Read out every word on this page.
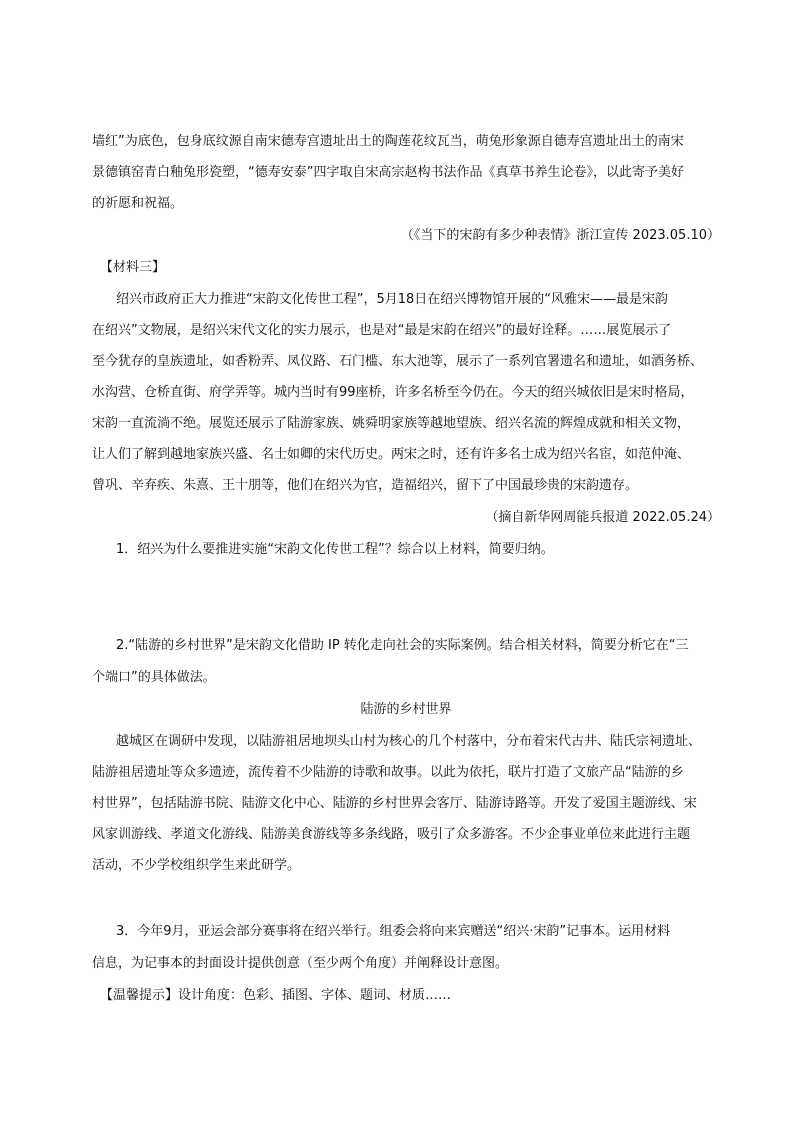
墙红”为底色，包身底纹源自南宋德寿宫遗址出土的陶莲花纹瓦当，萌兔形象源自德寿宫遗址出土的南宋
景德镇窑青白釉兔形瓷塑，“德寿安泰”四字取自宋高宗赵构书法作品《真草书养生论卷》，以此寄予美好
的祈愿和祝福。
（《当下的宋韵有多少种表情》浙江宣传 2023.05.10）
【材料三】
绍兴市政府正大力推进“宋韵文化传世工程”，5月18日在绍兴博物馆开展的“风雅宋——最是宋韵
在绍兴”文物展，是绍兴宋代文化的实力展示，也是对“最是宋韵在绍兴”的最好诠释。……展览展示了
至今犹存的皇族遗址，如香粉弄、凤仪路、石门槛、东大池等，展示了一系列官署遗名和遗址，如酒务桥、
水沟营、仓桥直街、府学弄等。城内当时有99座桥，许多名桥至今仍在。今天的绍兴城依旧是宋时格局，
宋韵一直流淌不绝。展览还展示了陆游家族、姚舜明家族等越地望族、绍兴名流的辉煌成就和相关文物，
让人们了解到越地家族兴盛、名士如卿的宋代历史。两宋之时，还有许多名士成为绍兴名宦，如范仲淹、
曾巩、辛弃疾、朱熹、王十朋等，他们在绍兴为官，造福绍兴，留下了中国最珍贵的宋韵遗存。
（摘自新华网周能兵报道 2022.05.24）
1．绍兴为什么要推进实施“宋韵文化传世工程”？综合以上材料，简要归纳。
2.“陆游的乡村世界”是宋韵文化借助 IP 转化走向社会的实际案例。结合相关材料，简要分析它在“三
个端口”的具体做法。
陆游的乡村世界
越城区在调研中发现，以陆游祖居地坝头山村为核心的几个村落中，分布着宋代古井、陆氏宗祠遗址、
陆游祖居遗址等众多遗迹，流传着不少陆游的诗歌和故事。以此为依托，联片打造了文旅产品“陆游的乡
村世界”，包括陆游书院、陆游文化中心、陆游的乡村世界会客厅、陆游诗路等。开发了爱国主题游线、宋
风家训游线、孝道文化游线、陆游美食游线等多条线路，吸引了众多游客。不少企事业单位来此进行主题
活动，不少学校组织学生来此研学。
3．今年9月，亚运会部分赛事将在绍兴举行。组委会将向来宾赠送“绍兴·宋韵”记事本。运用材料
信息，为记事本的封面设计提供创意（至少两个角度）并阐释设计意图。
【温馨提示】设计角度：色彩、插图、字体、题词、材质……
